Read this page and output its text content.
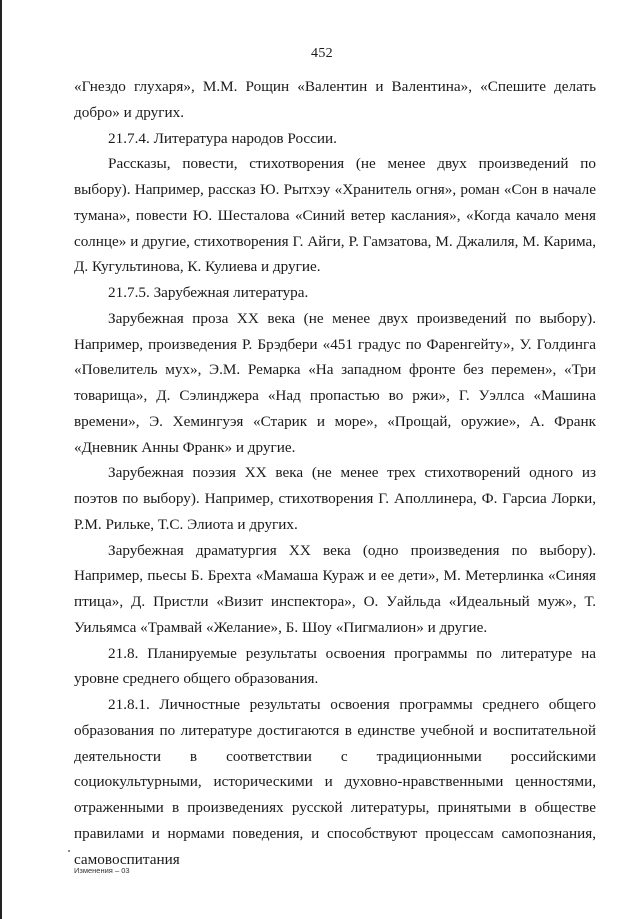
452

«Гнездо глухаря», М.М. Рощин «Валентин и Валентина», «Спешите делать добро» и других.

21.7.4. Литература народов России.

Рассказы, повести, стихотворения (не менее двух произведений по выбору). Например, рассказ Ю. Рытхэу «Хранитель огня», роман «Сон в начале тумана», повести Ю. Шесталова «Синий ветер каслания», «Когда качало меня солнце» и другие, стихотворения Г. Айги, Р. Гамзатова, М. Джалиля, М. Карима, Д. Кугультинова, К. Кулиева и другие.

21.7.5. Зарубежная литература.

Зарубежная проза XX века (не менее двух произведений по выбору). Например, произведения Р. Брэдбери «451 градус по Фаренгейту», У. Голдинга «Повелитель мух», Э.М. Ремарка «На западном фронте без перемен», «Три товарища», Д. Сэлинджера «Над пропастью во ржи», Г. Уэллса «Машина времени», Э. Хемингуэя «Старик и море», «Прощай, оружие», А. Франк «Дневник Анны Франк» и другие.

Зарубежная поэзия XX века (не менее трех стихотворений одного из поэтов по выбору). Например, стихотворения Г. Аполлинера, Ф. Гарсиа Лорки, Р.М. Рильке, Т.С. Элиота и других.

Зарубежная драматургия XX века (одно произведения по выбору). Например, пьесы Б. Брехта «Мамаша Кураж и ее дети», М. Метерлинка «Синяя птица», Д. Пристли «Визит инспектора», О. Уайльда «Идеальный муж», Т. Уильямса «Трамвай «Желание», Б. Шоу «Пигмалион» и другие.

21.8. Планируемые результаты освоения программы по литературе на уровне среднего общего образования.

21.8.1. Личностные результаты освоения программы среднего общего образования по литературе достигаются в единстве учебной и воспитательной деятельности в соответствии с традиционными российскими социокультурными, историческими и духовно-нравственными ценностями, отраженными в произведениях русской литературы, принятыми в обществе правилами и нормами поведения, и способствуют процессам самопознания, самовоспитания

Изменения – 03
